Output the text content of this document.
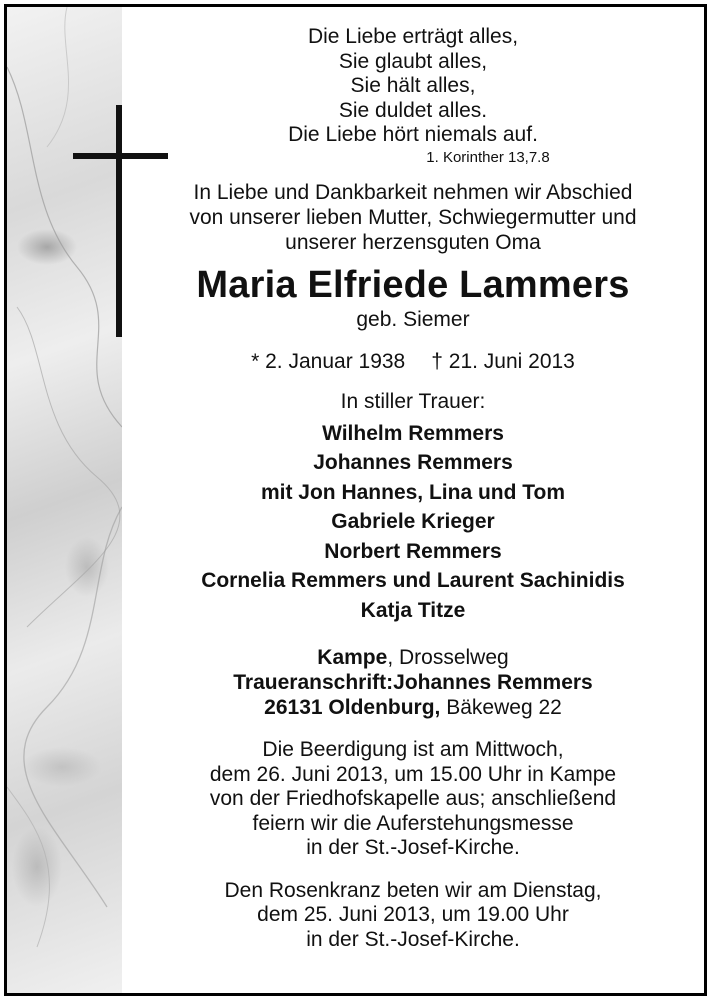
Die Liebe erträgt alles,

Sie glaubt alles,

Sie hält alles,

Sie duldet alles.

Die Liebe hört niemals auf.

1. Korinther 13,7.8

In Liebe und Dankbarkeit nehmen wir Abschied

von unserer lieben Mutter, Schwiegermutter und

unserer herzensguten Oma

Maria Elfriede Lammers

geb. Siemer

* 2. Januar 1938 † 21. Juni 2013

In stiller Trauer:

Wilhelm Remmers

Johannes Remmers

mit Jon Hannes, Lina und Tom

Gabriele Krieger

Norbert Remmers

Cornelia Remmers und Laurent Sachinidis

Katja Titze

Kampe, Drosselweg

Traueranschrift:Johannes Remmers

26131 Oldenburg, Bäkeweg 22

Die Beerdigung ist am Mittwoch,

dem 26. Juni 2013, um 15.00 Uhr in Kampe

von der Friedhofskapelle aus; anschließend

feiern wir die Auferstehungsmesse

in der St.-Josef-Kirche.

Den Rosenkranz beten wir am Dienstag,

dem 25. Juni 2013, um 19.00 Uhr

in der St.-Josef-Kirche.
